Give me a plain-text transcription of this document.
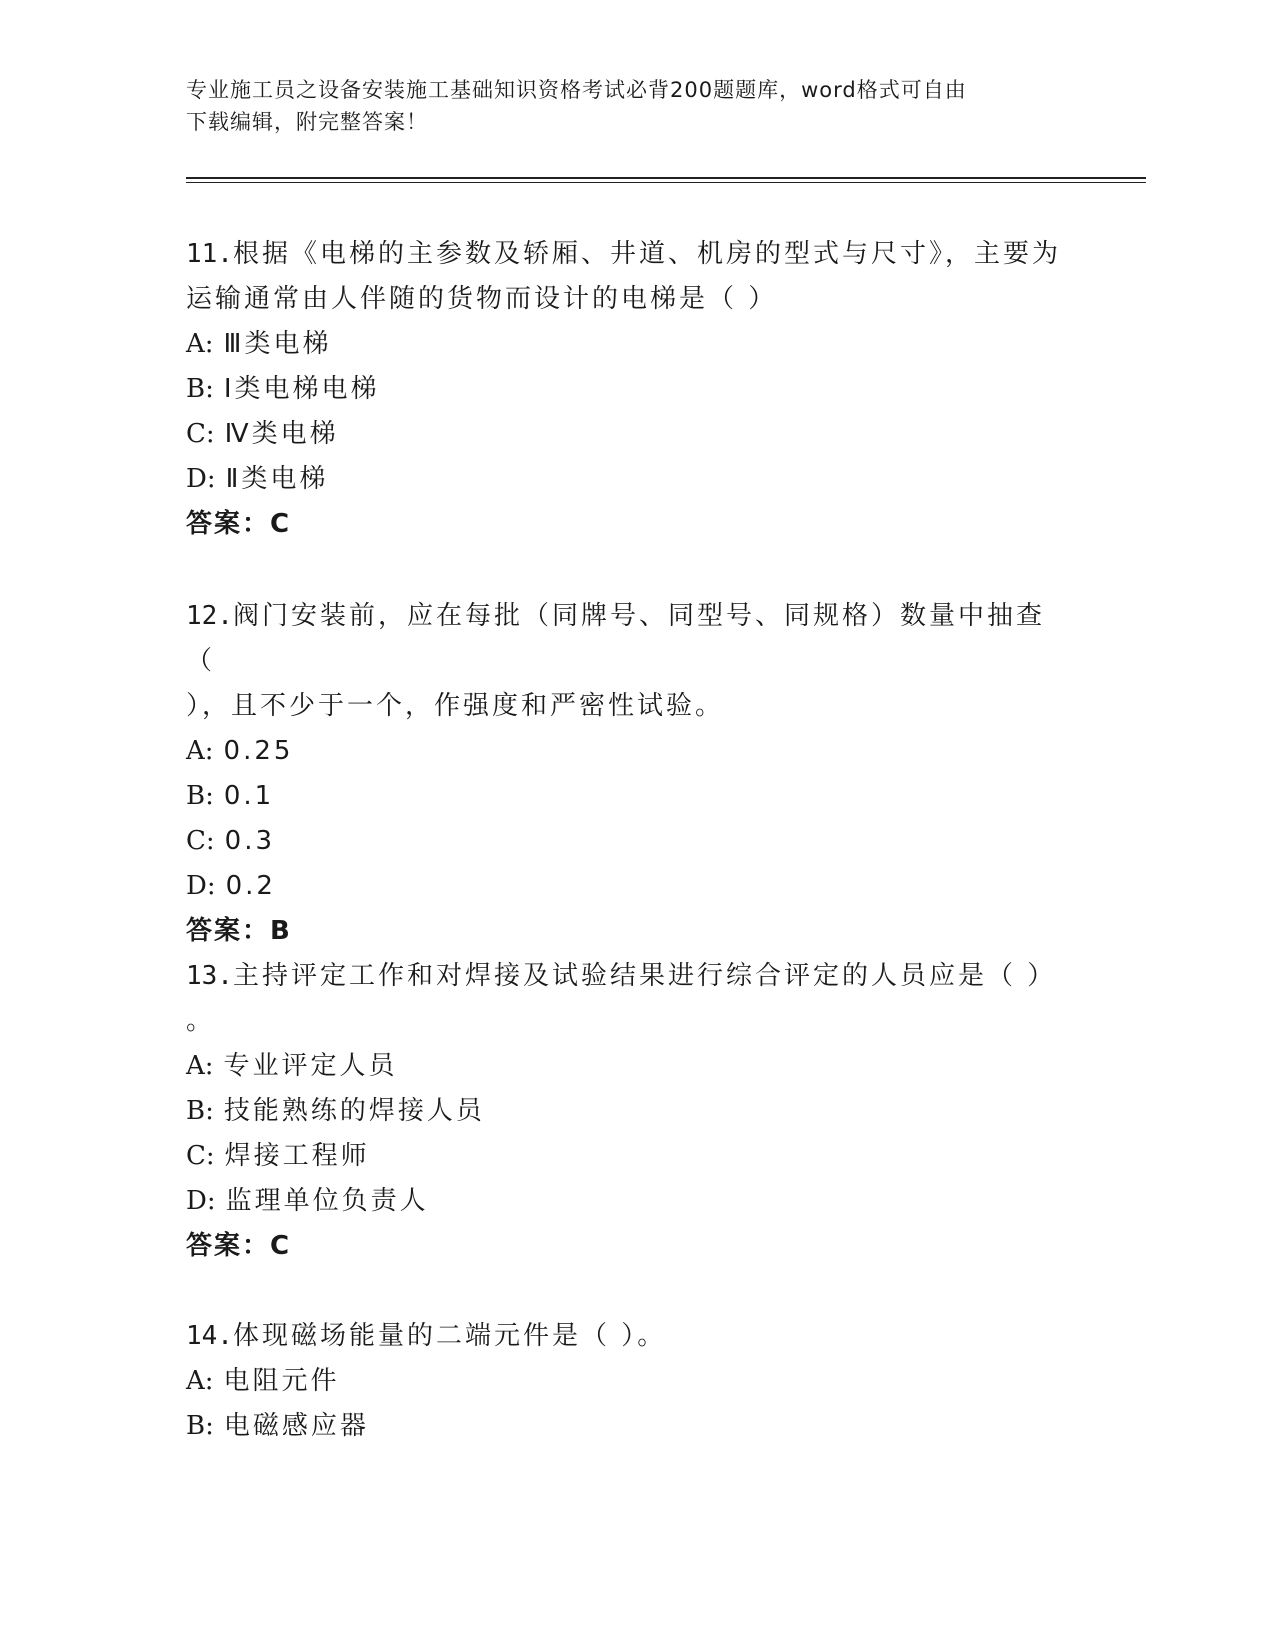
专业施工员之设备安装施工基础知识资格考试必背200题题库，word格式可自由
下载编辑，附完整答案！
11.根据《电梯的主参数及轿厢、井道、机房的型式与尺寸》，主要为
运输通常由人伴随的货物而设计的电梯是（ ）
A: Ⅲ类电梯
B: Ⅰ类电梯电梯
C: Ⅳ类电梯
D: Ⅱ类电梯
答案：C
12.阀门安装前，应在每批（同牌号、同型号、同规格）数量中抽查（
），且不少于一个，作强度和严密性试验。
A: 0.25
B: 0.1
C: 0.3
D: 0.2
答案：B
13.主持评定工作和对焊接及试验结果进行综合评定的人员应是（ ）
。
A: 专业评定人员
B: 技能熟练的焊接人员
C: 焊接工程师
D: 监理单位负责人
答案：C
14.体现磁场能量的二端元件是（ ）。
A: 电阻元件
B: 电磁感应器
